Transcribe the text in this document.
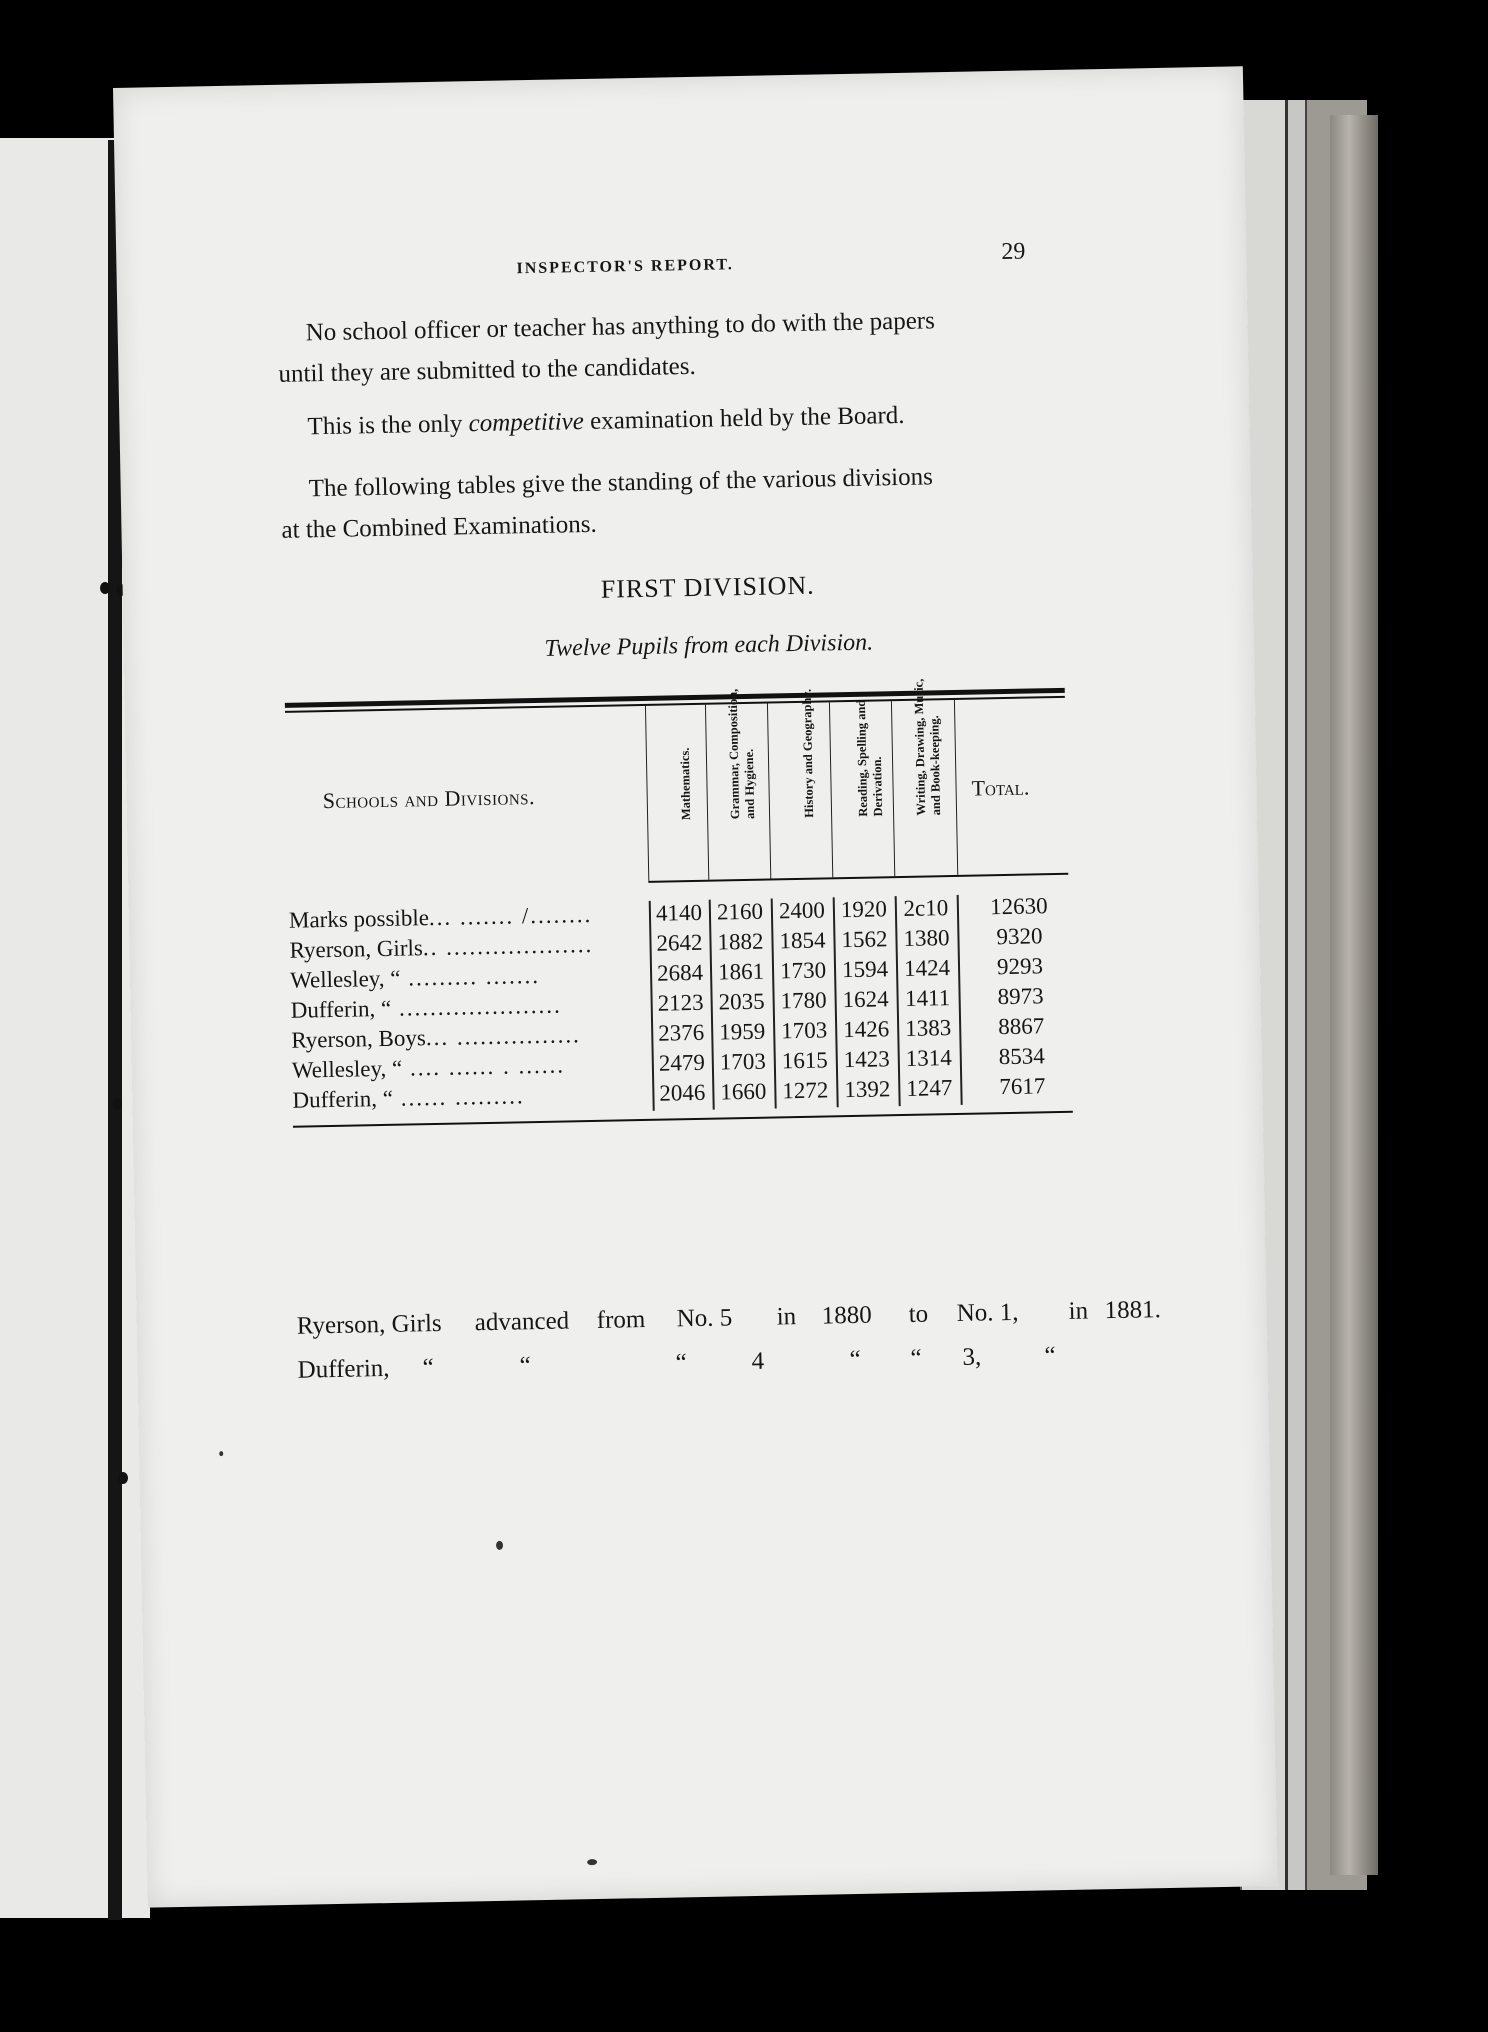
INSPECTOR'S REPORT.
29
No school officer or teacher has anything to do with the papers
until they are submitted to the candidates.
This is the only competitive examination held by the Board.
The following tables give the standing of the various divisions
at the Combined Examinations.
FIRST DIVISION.
Twelve Pupils from each Division.
Schools and Divisions.	Mathematics.	Grammar, Composition, and Hygiene.	History and Geography.	Reading, Spelling and Derivation.	Writing, Drawing, Music, and Book-keeping.	Total.
Marks possible... ....... /........	4140 2160 2400 1920 2c10	12630
Ryerson, Girls.. ...................	2642 1882 1854 1562 1380	9320
Wellesley, “ ......... .......	2684 1861 1730 1594 1424	9293
Dufferin, “ .....................	2123 2035 1780 1624 1411	8973
Ryerson, Boys... ................	2376 1959 1703 1426 1383	8867
Wellesley, “ .... ...... . ......	2479 1703 1615 1423 1314	8534
Dufferin, “ ...... .........	2046 1660 1272 1392 1247	7617
Ryerson, Girls advanced from No. 5 in 1880 to No. 1, in 1881.
Dufferin, “	“	“	4	“ “ 3,	“
